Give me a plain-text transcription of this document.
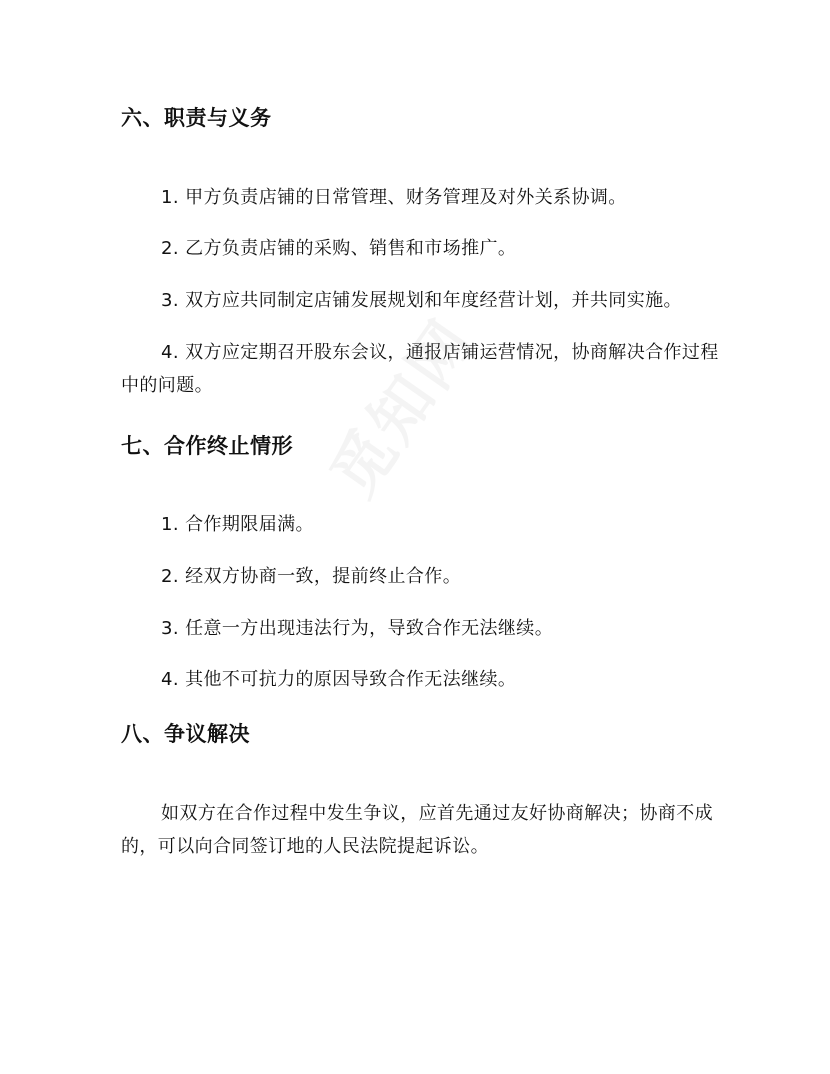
六、职责与义务
1. 甲方负责店铺的日常管理、财务管理及对外关系协调。
2. 乙方负责店铺的采购、销售和市场推广。
3. 双方应共同制定店铺发展规划和年度经营计划，并共同实施。
4. 双方应定期召开股东会议，通报店铺运营情况，协商解决合作过程中的问题。
七、合作终止情形
1. 合作期限届满。
2. 经双方协商一致，提前终止合作。
3. 任意一方出现违法行为，导致合作无法继续。
4. 其他不可抗力的原因导致合作无法继续。
八、争议解决
如双方在合作过程中发生争议，应首先通过友好协商解决；协商不成的，可以向合同签订地的人民法院提起诉讼。
